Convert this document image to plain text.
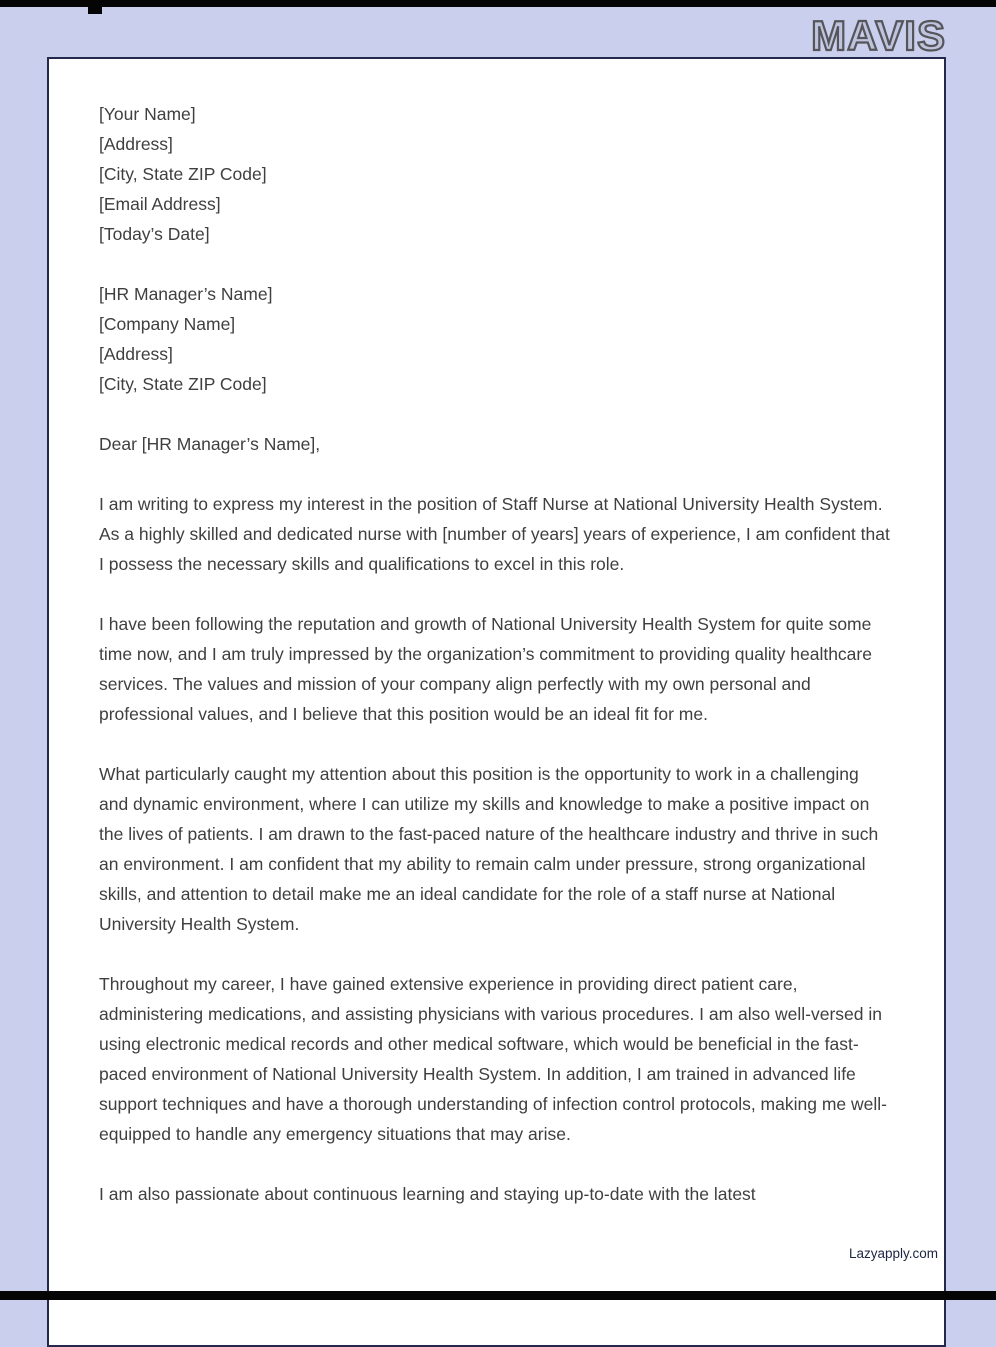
MAVIS
[Your Name]
[Address]
[City, State ZIP Code]
[Email Address]
[Today’s Date]
[HR Manager’s Name]
[Company Name]
[Address]
[City, State ZIP Code]
Dear [HR Manager’s Name],

I am writing to express my interest in the position of Staff Nurse at National University Health System. As a highly skilled and dedicated nurse with [number of years] years of experience, I am confident that I possess the necessary skills and qualifications to excel in this role.

I have been following the reputation and growth of National University Health System for quite some time now, and I am truly impressed by the organization’s commitment to providing quality healthcare services. The values and mission of your company align perfectly with my own personal and professional values, and I believe that this position would be an ideal fit for me.

What particularly caught my attention about this position is the opportunity to work in a challenging and dynamic environment, where I can utilize my skills and knowledge to make a positive impact on the lives of patients. I am drawn to the fast-paced nature of the healthcare industry and thrive in such an environment. I am confident that my ability to remain calm under pressure, strong organizational skills, and attention to detail make me an ideal candidate for the role of a staff nurse at National University Health System.

Throughout my career, I have gained extensive experience in providing direct patient care, administering medications, and assisting physicians with various procedures. I am also well-versed in using electronic medical records and other medical software, which would be beneficial in the fast-paced environment of National University Health System. In addition, I am trained in advanced life support techniques and have a thorough understanding of infection control protocols, making me well-equipped to handle any emergency situations that may arise.

I am also passionate about continuous learning and staying up-to-date with the latest

Lazyapply.com
